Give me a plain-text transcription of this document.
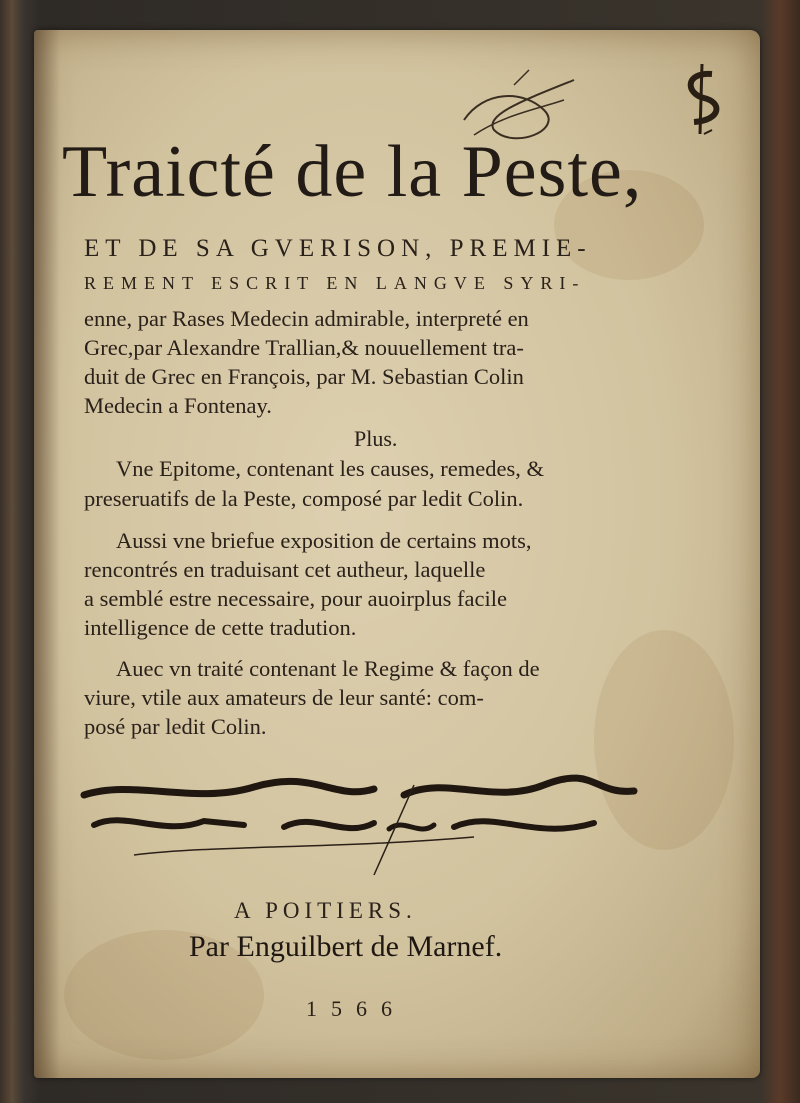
Traicté de la Peste,
ET DE SA GVERISON, PREMIE-
REMENT ESCRIT EN LANGVE SYRI-
enne, par Rases Medecin admirable, interpreté en
Grec,par Alexandre Trallian,& nouuellement tra-
duit de Grec en François, par M. Sebastian Colin
Medecin a Fontenay.
Plus.
Vne Epitome, contenant les causes, remedes, &
preseruatifs de la Peste, composé par ledit Colin.
Aussi vne briefue exposition de certains mots,
rencontrés en traduisant cet autheur, laquelle
a semblé estre necessaire, pour auoirplus facile
intelligence de cette tradution.
Auec vn traité contenant le Regime & façon de
viure, vtile aux amateurs de leur santé: com-
posé par ledit Colin.
A POITIERS.
Par Enguilbert de Marnef.
1566
